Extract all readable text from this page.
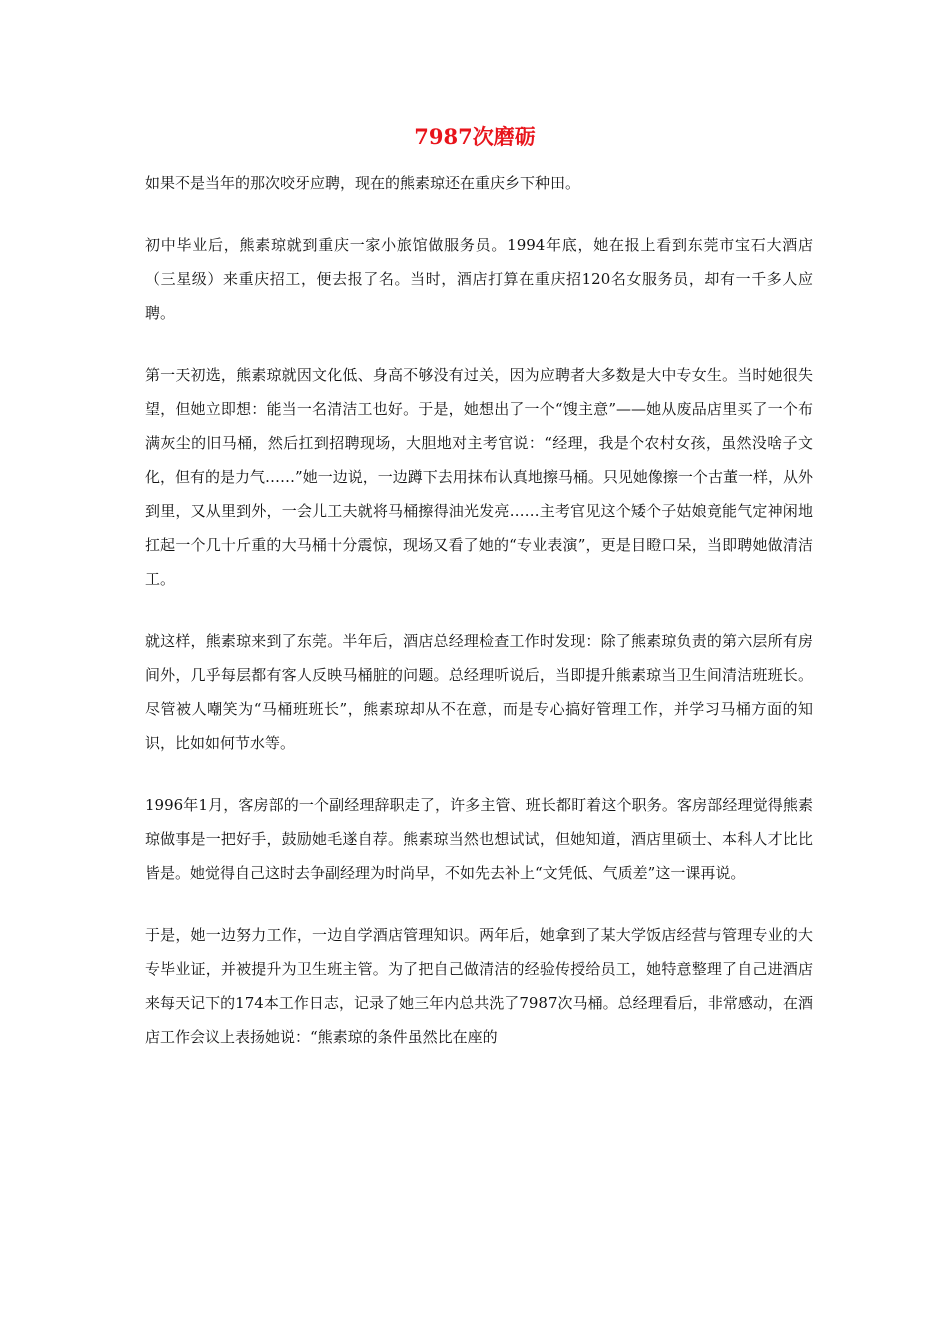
7987次磨砺

如果不是当年的那次咬牙应聘，现在的熊素琼还在重庆乡下种田。

初中毕业后，熊素琼就到重庆一家小旅馆做服务员。1994年底，她在报上看到东莞市宝石大酒店（三星级）来重庆招工，便去报了名。当时，酒店打算在重庆招120名女服务员，却有一千多人应聘。

第一天初选，熊素琼就因文化低、身高不够没有过关，因为应聘者大多数是大中专女生。当时她很失望，但她立即想：能当一名清洁工也好。于是，她想出了一个“馊主意”——她从废品店里买了一个布满灰尘的旧马桶，然后扛到招聘现场，大胆地对主考官说：“经理，我是个农村女孩，虽然没啥子文化，但有的是力气……”她一边说，一边蹲下去用抹布认真地擦马桶。只见她像擦一个古董一样，从外到里，又从里到外，一会儿工夫就将马桶擦得油光发亮……主考官见这个矮个子姑娘竟能气定神闲地扛起一个几十斤重的大马桶十分震惊，现场又看了她的“专业表演”，更是目瞪口呆，当即聘她做清洁工。

就这样，熊素琼来到了东莞。半年后，酒店总经理检查工作时发现：除了熊素琼负责的第六层所有房间外，几乎每层都有客人反映马桶脏的问题。总经理听说后，当即提升熊素琼当卫生间清洁班班长。尽管被人嘲笑为“马桶班班长”，熊素琼却从不在意，而是专心搞好管理工作，并学习马桶方面的知识，比如如何节水等。

1996年1月，客房部的一个副经理辞职走了，许多主管、班长都盯着这个职务。客房部经理觉得熊素琼做事是一把好手，鼓励她毛遂自荐。熊素琼当然也想试试，但她知道，酒店里硕士、本科人才比比皆是。她觉得自己这时去争副经理为时尚早，不如先去补上“文凭低、气质差”这一课再说。

于是，她一边努力工作，一边自学酒店管理知识。两年后，她拿到了某大学饭店经营与管理专业的大专毕业证，并被提升为卫生班主管。为了把自己做清洁的经验传授给员工，她特意整理了自己进酒店来每天记下的174本工作日志，记录了她三年内总共洗了7987次马桶。总经理看后，非常感动，在酒店工作会议上表扬她说：“熊素琼的条件虽然比在座的
